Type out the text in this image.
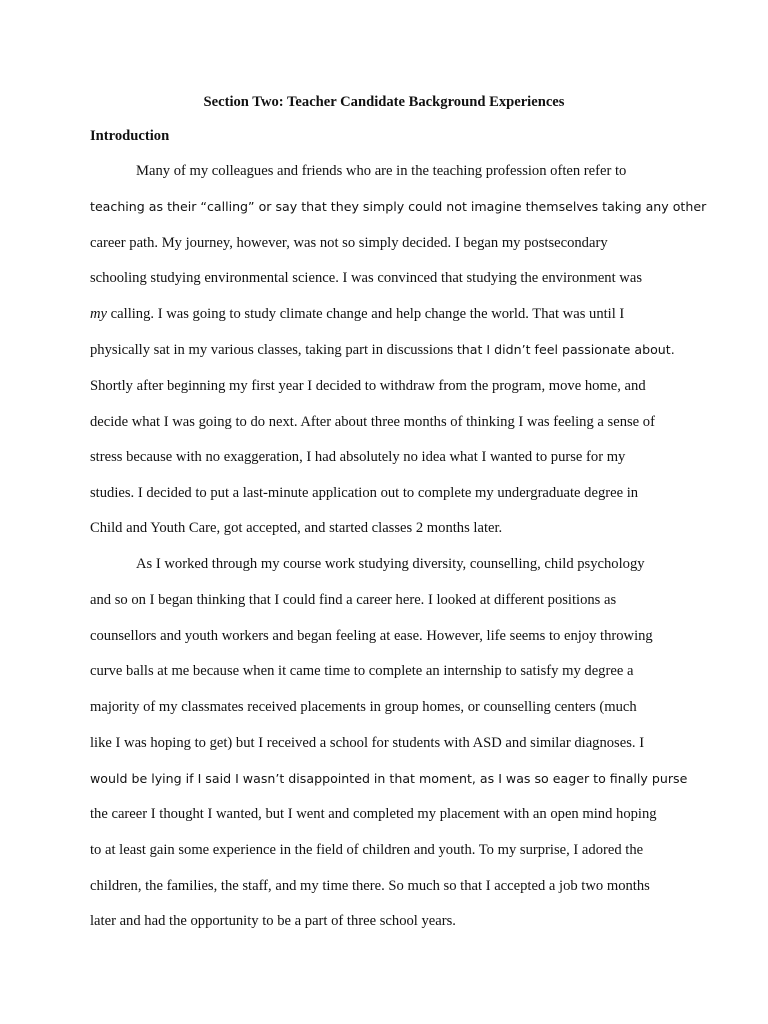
Section Two: Teacher Candidate Background Experiences
Introduction

Many of my colleagues and friends who are in the teaching profession often refer to

teaching as their “calling” or say that they simply could not imagine themselves taking any other

career path. My journey, however, was not so simply decided. I began my postsecondary

schooling studying environmental science. I was convinced that studying the environment was

my calling. I was going to study climate change and help change the world. That was until I

physically sat in my various classes, taking part in discussions that I didn’t feel passionate about.

Shortly after beginning my first year I decided to withdraw from the program, move home, and

decide what I was going to do next. After about three months of thinking I was feeling a sense of

stress because with no exaggeration, I had absolutely no idea what I wanted to purse for my

studies. I decided to put a last-minute application out to complete my undergraduate degree in

Child and Youth Care, got accepted, and started classes 2 months later.

As I worked through my course work studying diversity, counselling, child psychology

and so on I began thinking that I could find a career here. I looked at different positions as

counsellors and youth workers and began feeling at ease. However, life seems to enjoy throwing

curve balls at me because when it came time to complete an internship to satisfy my degree a

majority of my classmates received placements in group homes, or counselling centers (much

like I was hoping to get) but I received a school for students with ASD and similar diagnoses. I

would be lying if I said I wasn’t disappointed in that moment, as I was so eager to finally purse

the career I thought I wanted, but I went and completed my placement with an open mind hoping

to at least gain some experience in the field of children and youth. To my surprise, I adored the

children, the families, the staff, and my time there. So much so that I accepted a job two months

later and had the opportunity to be a part of three school years.
